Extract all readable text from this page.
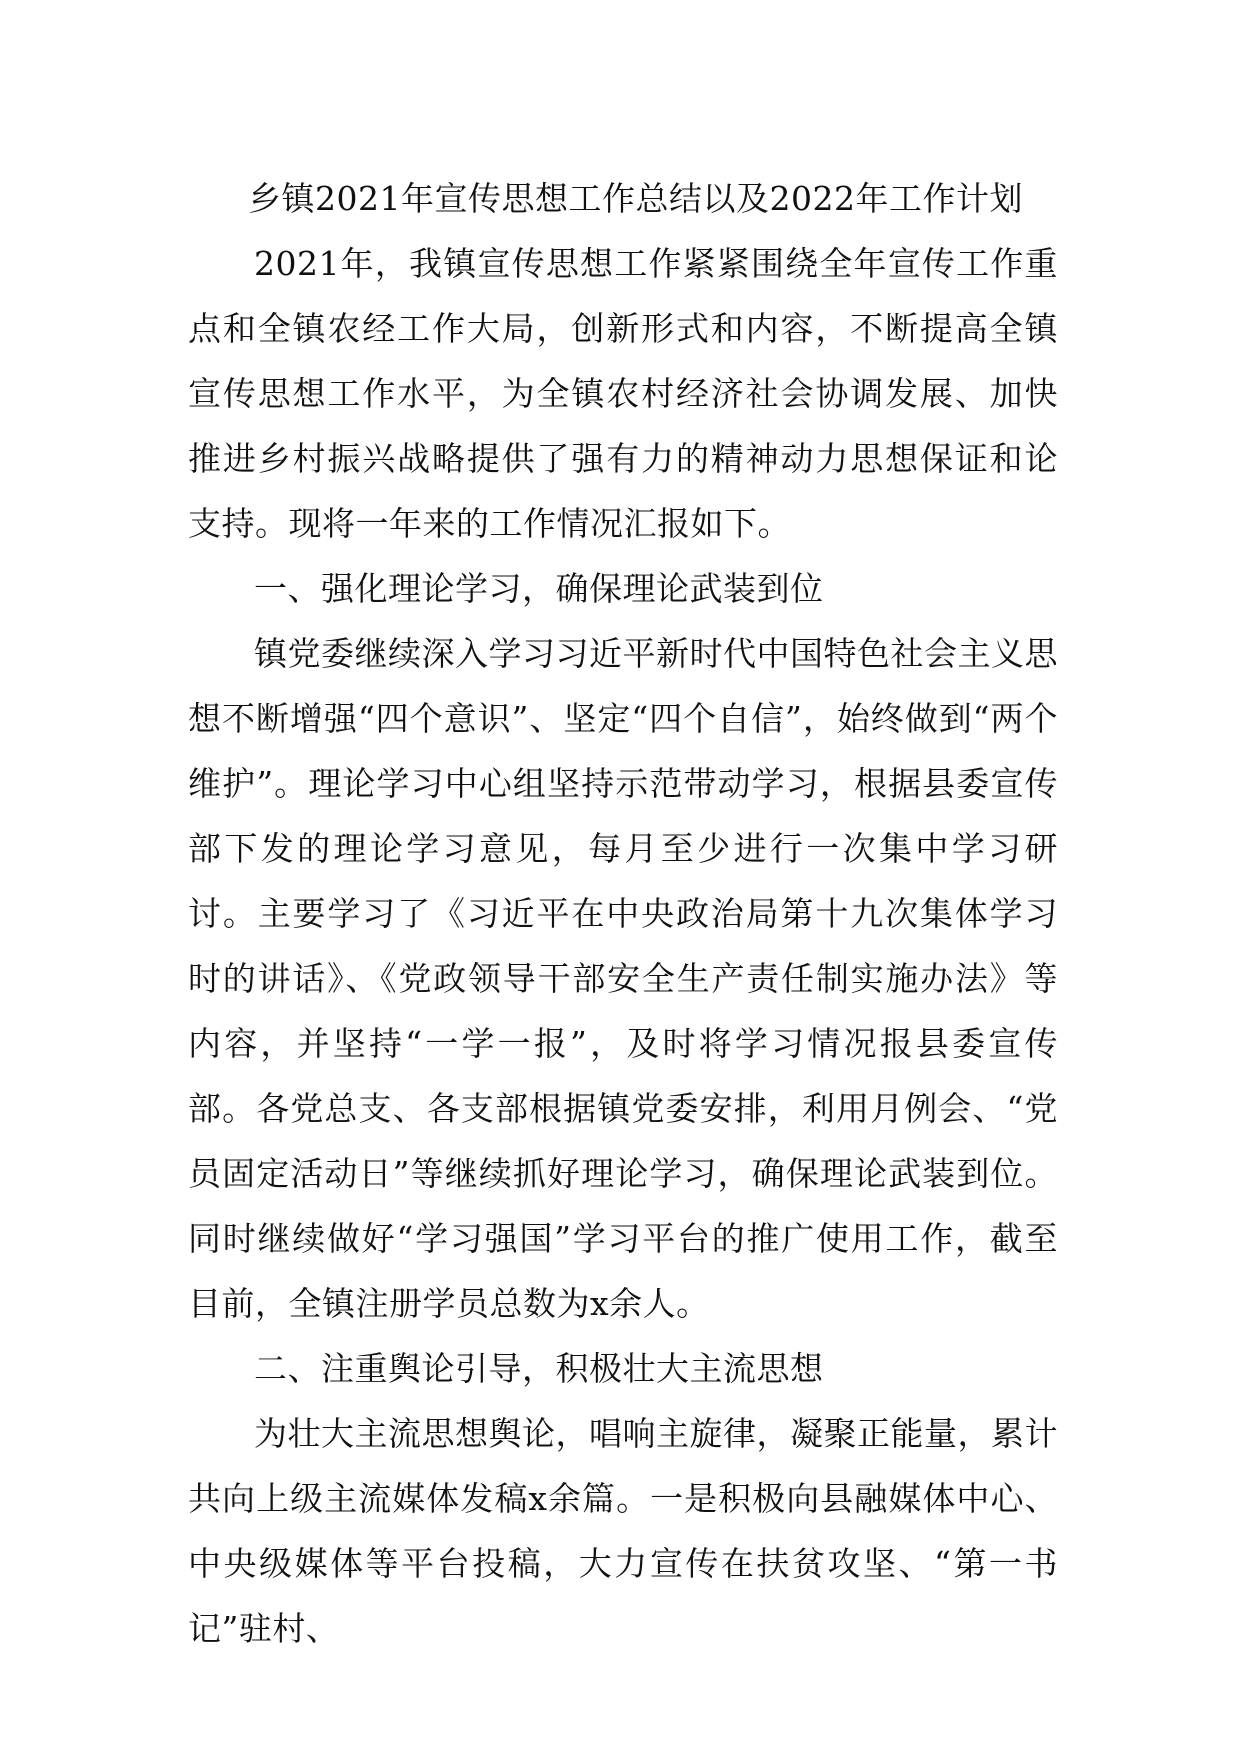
乡镇2021年宣传思想工作总结以及2022年工作计划

2021年，我镇宣传思想工作紧紧围绕全年宣传工作重点和全镇农经工作大局，创新形式和内容，不断提高全镇宣传思想工作水平，为全镇农村经济社会协调发展、加快推进乡村振兴战略提供了强有力的精神动力思想保证和论支持。现将一年来的工作情况汇报如下。

一、强化理论学习，确保理论武装到位

镇党委继续深入学习习近平新时代中国特色社会主义思想不断增强“四个意识”、坚定“四个自信”，始终做到“两个维护”。理论学习中心组坚持示范带动学习，根据县委宣传部下发的理论学习意见，每月至少进行一次集中学习研讨。主要学习了《习近平在中央政治局第十九次集体学习时的讲话》、《党政领导干部安全生产责任制实施办法》等内容，并坚持“一学一报”，及时将学习情况报县委宣传部。各党总支、各支部根据镇党委安排，利用月例会、“党员固定活动日”等继续抓好理论学习，确保理论武装到位。同时继续做好“学习强国”学习平台的推广使用工作，截至目前，全镇注册学员总数为x余人。

二、注重舆论引导，积极壮大主流思想

为壮大主流思想舆论，唱响主旋律，凝聚正能量，累计共向上级主流媒体发稿x余篇。一是积极向县融媒体中心、中央级媒体等平台投稿，大力宣传在扶贫攻坚、“第一书记”驻村、
